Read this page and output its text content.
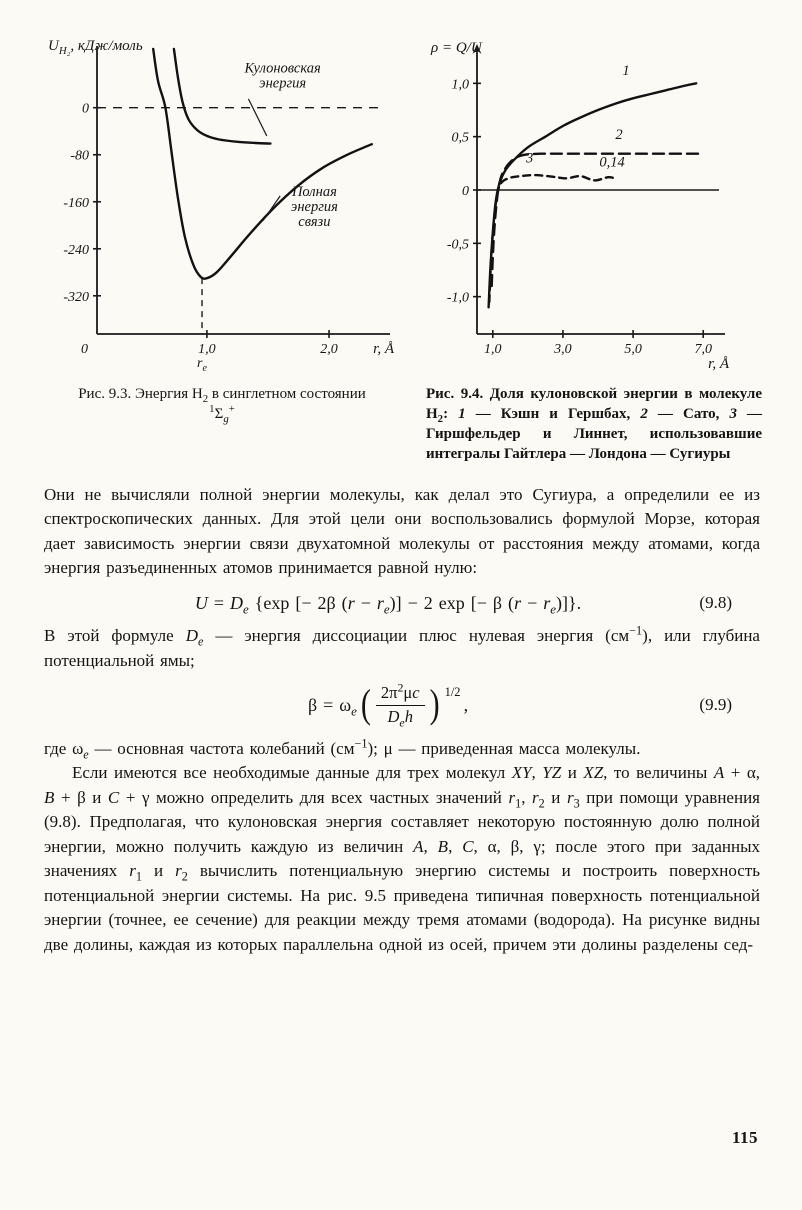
$r_e$
0
-80
-160
-240
-320
1,0	2,0
0
Кулоновская энергия
Полная энергия связи
$U_{Н_2}$, кДж/моль
r, Å
Рис. 9.3. Энергия $Н_2$ в синглетном состоянии $^1\Sigma_g^+$
1,0
0,5
0
-0,5
-1,0
1,0	3,0	5,0	7,0
1
2
3	0,14
ρ = Q/U
r, Å
Рис. 9.4. Доля кулоновской энергии в молекуле $Н_2$: 1 — Кэшн и Гершбах, 2 — Сато, 3 — Гиршфельдер и Линнет, использовавшие интегралы Гайтлера — Лондона — Сугиуры

Они не вычисляли полной энергии молекулы, как делал это Сугиура, а определили ее из спектроскопических данных. Для этой цели они воспользовались формулой Морзе, которая дает зависимость энергии связи двухатомной молекулы от расстояния между атомами, когда энергия разъединенных атомов принимается равной нулю:

$U = D_e$ {exp [− 2β $(r - r_e)] - 2$ exp [− β $(r - r_e)$]}.	(9.8)

В этой формуле $D_e$ — энергия диссоциации плюс нулевая энергия $(см^{-1})$, или глубина потенциальной ямы;

$\beta = \omega_e$ ( $\frac{2\pi^2\mu c}{D_eh}$ ) 1/2
,	(9.9)

где $\omega_e$ — основная частота колебаний $(см^{-1})$; μ — приведенная масса молекулы.

Если имеются все необходимые данные для трех молекул XY, YZ и XZ, то величины A + α, B + β и C + γ можно определить для всех частных значений $r_1$, $r_2$ и $r_3$ при помощи уравнения (9.8). Предполагая, что кулоновская энергия составляет некоторую постоянную долю полной энергии, можно получить каждую из величин A, B, C, α, β, γ; после этого при заданных значениях $r_1$ и $r_2$ вычислить потенциальную энергию системы и построить поверхность потенциальной энергии системы. На рис. 9.5 приведена типичная поверхность потенциальной энергии (точнее, ее сечение) для реакции между тремя атомами (водорода). На рисунке видны две долины, каждая из которых параллельна одной из осей, причем эти долины разделены сед-

115
